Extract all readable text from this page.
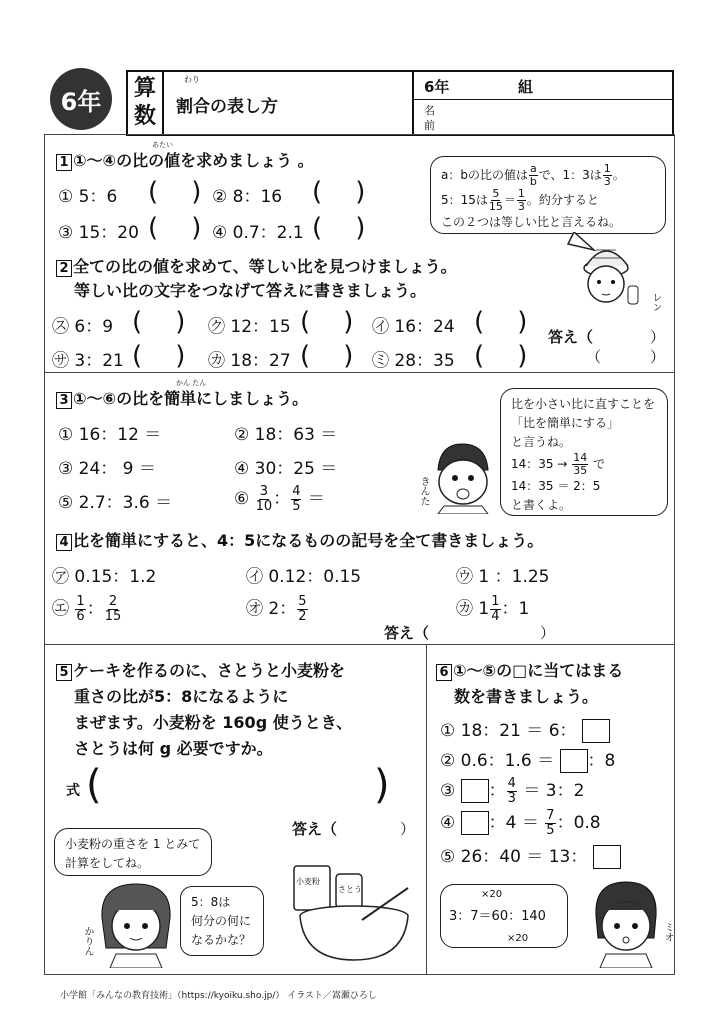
6年 算
数
わり
割合の表し方
6年	組
名
前
1 ①～④の比の値を求めましょう 。
あたい
① 5：6 (    ) ② 8：16 (    )
③ 15：20 (    ) ④ 0.7：2.1 (    )
a：bの比の値は $\frac{a}{b}$ で、1：3は $\frac{1}{3}$ 。
5：15は $\frac{5}{15} = \frac{1}{3}$ 。約分すると
この２つは等しい比と言えるね。
レン
2 全ての比の値を求めて、等しい比を見つけましょう。
等しい比の文字をつなげて答えに書きましょう。
㋜ 6：9 (    ) ㋗ 12：15 (    ) ㋑ 16：24 (    )
㋚ 3：21 (    ) ㋕ 18：27 (    ) ㋯ 28：35 (    )
答え（	）
（	）
3 ①～⑥の比を簡単にしましょう。
かん たん
① 16：12 ＝	② 18：63 ＝
③ 24： 9 ＝	④ 30：25 ＝
⑤ 2.7：3.6 ＝	⑥ $\frac{3}{10}$ ： $\frac{4}{5}$ ＝
比を小さい比に直すことを
「比を簡単にする」
と言うね。
14：$35 \to \frac{14}{35}$ で
14：35 ＝ 2：5
と書くよ。
きんた
4 比を簡単にすると、4：5になるものの記号を全て書きましょう。
㋐ 0.15：1.2	㋑ 0.12：0.15	㋒ 1 ：1.25
㋓ $\frac{1}{6}$ ： $\frac{2}{15}$	㋔ 2： $\frac{5}{2}$	㋕ $1 \frac{1}{4}$ ：1
答え（	）
5 ケーキを作るのに、さとうと小麦粉を
重さの比が5：8になるように
まぜます。小麦粉を 160g 使うとき、
さとうは何 g 必要ですか。
式 (	)
答え（	）
小麦粉の重さを 1 とみて
計算をしてね。
5：8は
何分の何に
なるかな？
かりん
小麦粉
さとう
6 ①～⑤の□に当てはまる
数を書きましょう。
① 18：21 ＝ 6：
② 0.6：1.6 ＝ ：8
③ ： $\frac{4}{3} = 3$：2
④ ：$4 = \frac{7}{5}$ ：0.8
⑤ 26：40 ＝ 13：
×20
3：7＝60：140
×20	ミオ
小学館「みんなの教育技術」（https://kyoiku.sho.jp/） イラスト／嵩瀬ひろし
